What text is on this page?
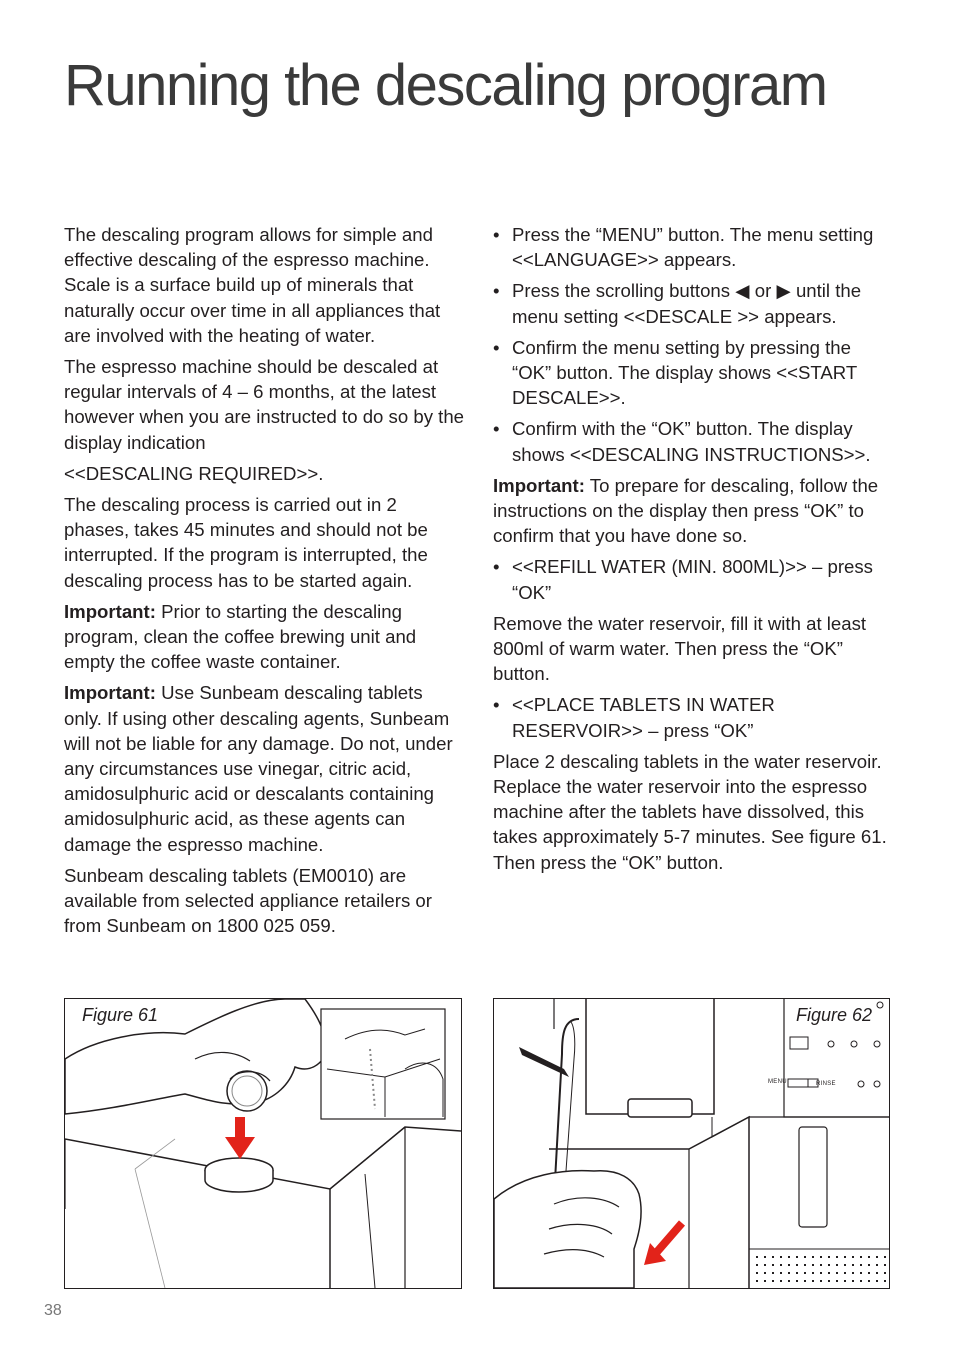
Running the descaling program

The descaling program allows for simple and effective descaling of the espresso machine. Scale is a surface build up of minerals that naturally occur over time in all appliances that are involved with the heating of water.

The espresso machine should be descaled at regular intervals of 4 – 6 months, at the latest however when you are instructed to do so by the display indication

<<DESCALING REQUIRED>>.

The descaling process is carried out in 2 phases, takes 45 minutes and should not be interrupted. If the program is interrupted, the descaling process has to be started again.

Important: Prior to starting the descaling program, clean the coffee brewing unit and empty the coffee waste container.

Important: Use Sunbeam descaling tablets only. If using other descaling agents, Sunbeam will not be liable for any damage. Do not, under any circumstances use vinegar, citric acid, amidosulphuric acid or descalants containing amidosulphuric acid, as these agents can damage the espresso machine.

Sunbeam descaling tablets (EM0010) are available from selected appliance retailers or from Sunbeam on 1800 025 059.

• Press the “MENU” button. The menu setting <<LANGUAGE>> appears.
• Press the scrolling buttons ◀ or ▶ until the menu setting <<DESCALE >> appears.
• Confirm the menu setting by pressing the “OK” button. The display shows <<START DESCALE>>.
• Confirm with the “OK” button. The display shows <<DESCALING INSTRUCTIONS>>.

Important: To prepare for descaling, follow the instructions on the display then press “OK” to confirm that you have done so.

• <<REFILL WATER (MIN. 800ML)>> – press “OK”

Remove the water reservoir, fill it with at least 800ml of warm water. Then press the “OK” button.

• <<PLACE TABLETS IN WATER RESERVOIR>> – press “OK”

Place 2 descaling tablets in the water reservoir. Replace the water reservoir into the espresso machine after the tablets have dissolved, this takes approximately 5-7 minutes. See figure 61. Then press the “OK” button.

Figure 61
MENU	RINSE
Figure 62
38
